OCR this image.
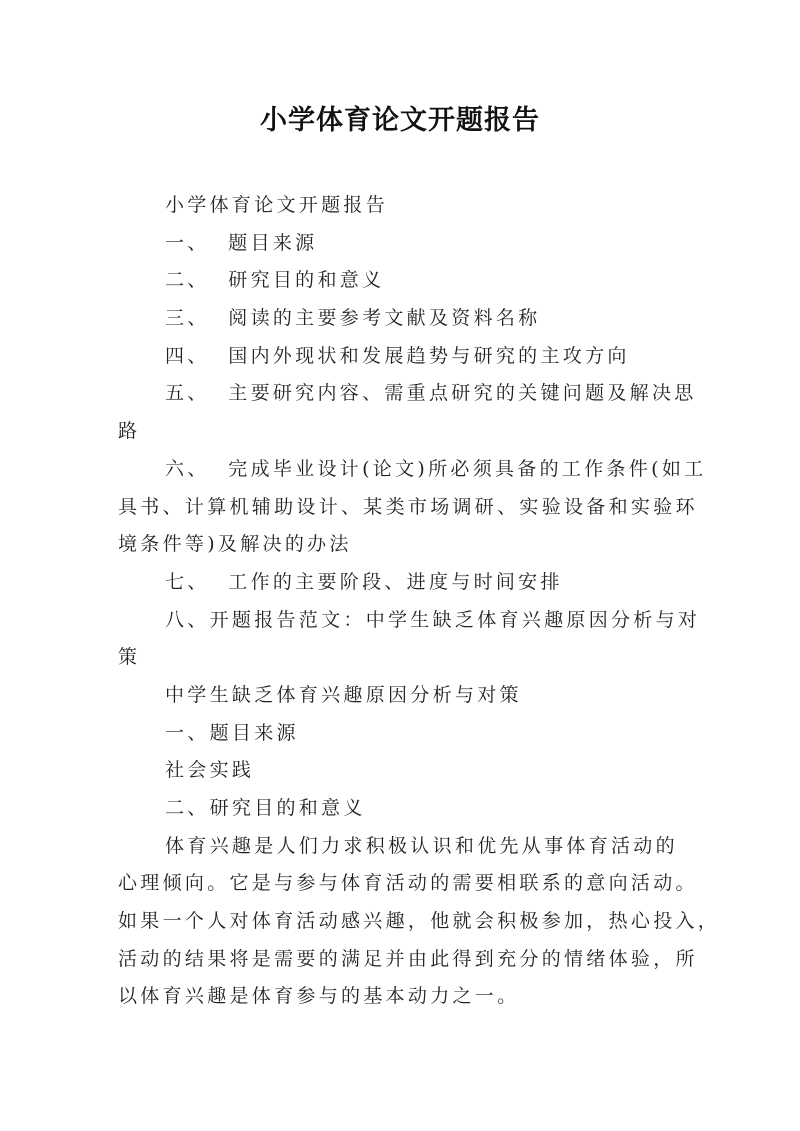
小学体育论文开题报告
小学体育论文开题报告
一、  题目来源
二、  研究目的和意义
三、  阅读的主要参考文献及资料名称
四、  国内外现状和发展趋势与研究的主攻方向
五、  主要研究内容、需重点研究的关键问题及解决思
路
六、  完成毕业设计(论文)所必须具备的工作条件(如工
具书、计算机辅助设计、某类市场调研、实验设备和实验环
境条件等)及解决的办法
七、  工作的主要阶段、进度与时间安排
八、开题报告范文：中学生缺乏体育兴趣原因分析与对
策
中学生缺乏体育兴趣原因分析与对策
一、题目来源
社会实践
二、研究目的和意义
体育兴趣是人们力求积极认识和优先从事体育活动的
心理倾向。它是与参与体育活动的需要相联系的意向活动。
如果一个人对体育活动感兴趣，他就会积极参加，热心投入，
活动的结果将是需要的满足并由此得到充分的情绪体验，所
以体育兴趣是体育参与的基本动力之一。
